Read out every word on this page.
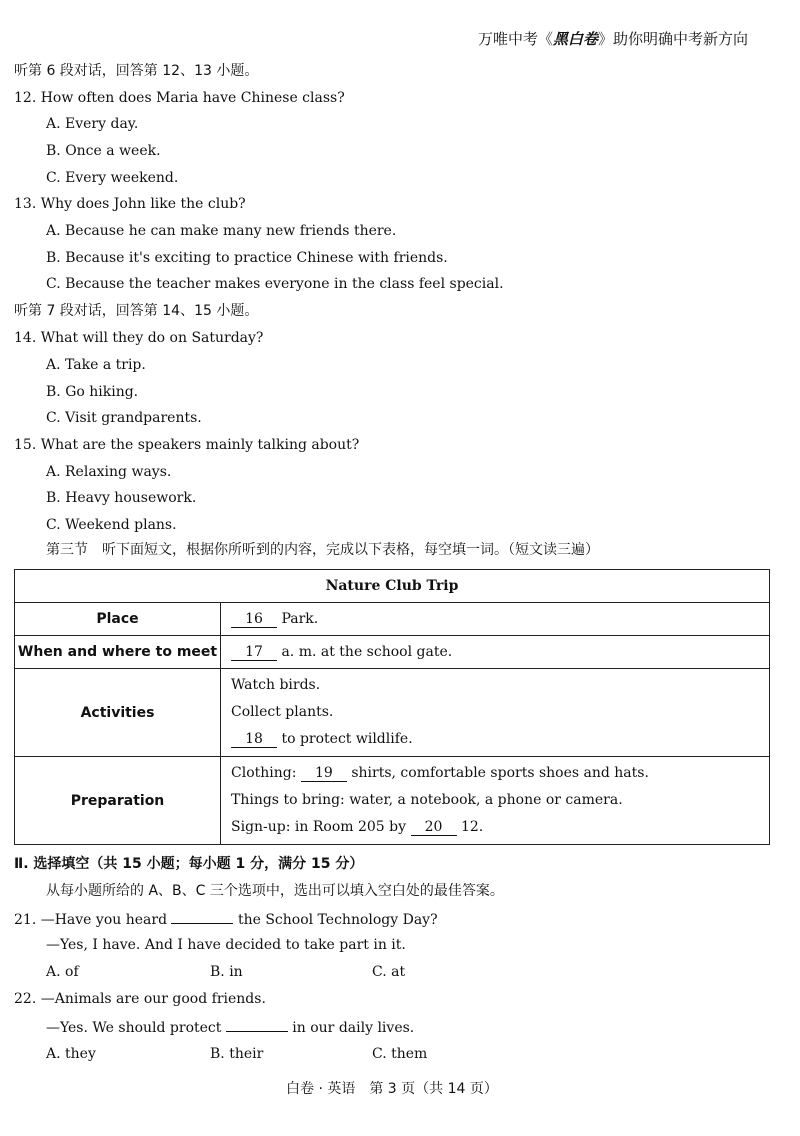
万唯中考《黑白卷》助你明确中考新方向
听第 6 段对话，回答第 12、13 小题。
12. How often does Maria have Chinese class?
A. Every day.
B. Once a week.
C. Every weekend.
13. Why does John like the club?
A. Because he can make many new friends there.
B. Because it's exciting to practice Chinese with friends.
C. Because the teacher makes everyone in the class feel special.
听第 7 段对话，回答第 14、15 小题。
14. What will they do on Saturday?
A. Take a trip.
B. Go hiking.
C. Visit grandparents.
15. What are the speakers mainly talking about?
A. Relaxing ways.
B. Heavy housework.
C. Weekend plans.
第三节　听下面短文，根据你所听到的内容，完成以下表格，每空填一词。（短文读三遍）
Nature Club Trip	
Place	16 Park.
When and where to meet	17 a. m. at the school gate.
Activities	Watch birds.
Collect plants.
18 to protect wildlife.

Preparation	Clothing: 19 shirts, comfortable sports shoes and hats.
Things to bring: water, a notebook, a phone or camera.
Sign-up: in Room 205 by 20 12.
Ⅱ. 选择填空（共 15 小题；每小题 1 分，满分 15 分）
从每小题所给的 A、B、C 三个选项中，选出可以填入空白处的最佳答案。
21. —Have you heard	the School Technology Day?
—Yes, I have. And I have decided to take part in it.
A. of	B. in	C. at
22. —Animals are our good friends.
—Yes. We should protect	in our daily lives.
A. they	B. their	C. them
白卷 · 英语　第 3 页（共 14 页）
